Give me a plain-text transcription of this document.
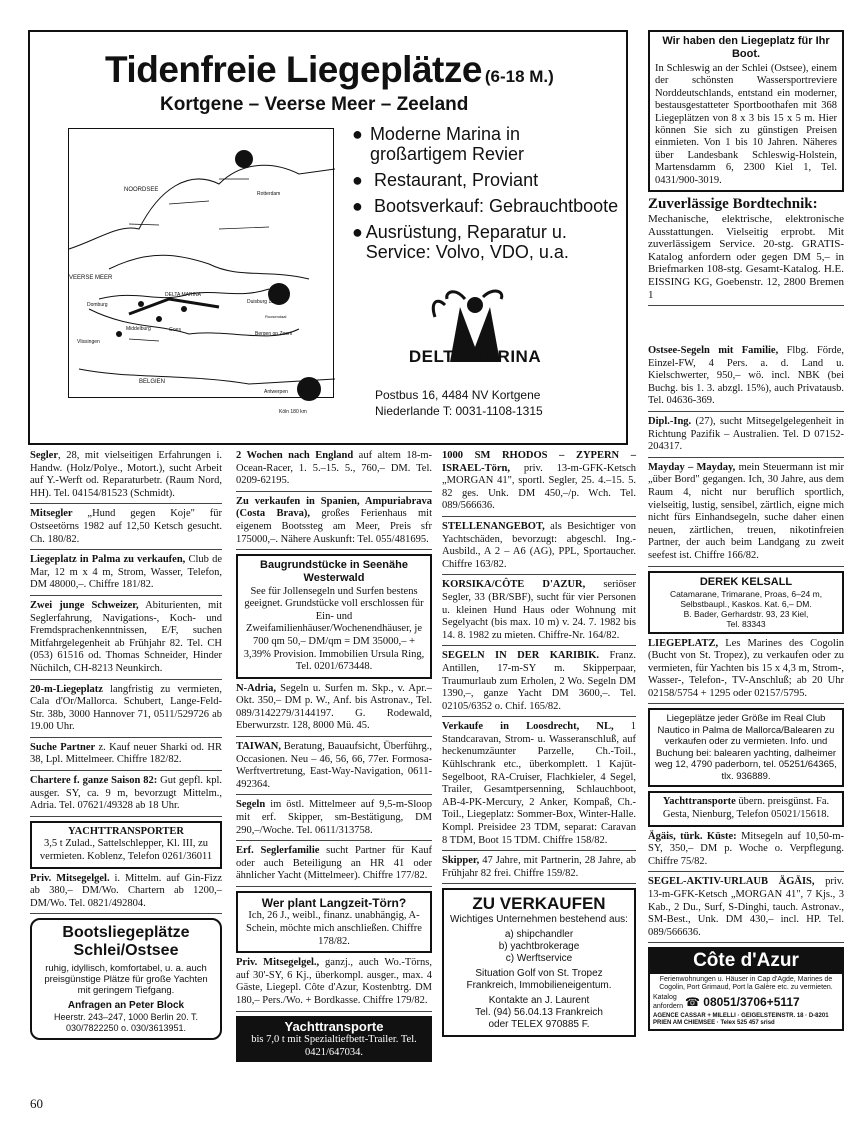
Tidenfreie Liegeplätze (6-18 M.)
Kortgene – Veerse Meer – Zeeland
NOORDSEE
Rotterdam
VEERSE MEER
DELTA MARINA
Domburg
Middelburg	Goes
Vlissingen
Duisburg 130 km
Roosendaal
Bergen op Zoom
Köln 180 km
Antwerpen
BELGIEN
● Moderne Marina in großartigem Revier
● Restaurant, Proviant
● Bootsverkauf: Gebrauchtboote
● Ausrüstung, Reparatur u. Service: Volvo, VDO, u.a.
DELTA MARINA
Postbus 16, 4484 NV Kortgene
Niederlande T: 0031-1108-1315
Wir haben den Liegeplatz für Ihr Boot.
In Schleswig an der Schlei (Ostsee), einem der schönsten Wassersportreviere Norddeutschlands, entstand ein moderner, bestausgestatteter Sportboothafen mit 368 Liegeplätzen von 8 x 3 bis 15 x 5 m. Hier können Sie sich zu günstigen Preisen einmieten. Von 1 bis 10 Jahren. Näheres über Landesbank Schleswig-Holstein, Martensdamm 6, 2300 Kiel 1, Tel. 0431/900-3019.
Zuverlässige Bordtechnik:
Mechanische, elektrische, elektronische Ausstattungen. Vielseitig erprobt. Mit zuverlässigem Service. 20-stg. GRATIS-Katalog anfordern oder gegen DM 5,– in Briefmarken 108-stg. Gesamt-Katalog. H.E. EISSING KG, Goebenstr. 12, 2800 Bremen 1
Segler, 28, mit vielseitigen Erfahrungen i. Handw. (Holz/Polye., Motort.), sucht Arbeit auf Y.-Werft od. Reparaturbetr. (Raum Nord, HH). Tel. 04154/81523 (Schmidt).
Mitsegler „Hund gegen Koje" für Ostseetörns 1982 auf 12,50 Ketsch gesucht. Ch. 180/82.
Liegeplatz in Palma zu verkaufen, Club de Mar, 12 m x 4 m, Strom, Wasser, Telefon, DM 48000,–. Chiffre 181/82.
Zwei junge Schweizer, Abiturienten, mit Seglerfahrung, Navigations-, Koch- und Fremdsprachenkenntnissen, E/F, suchen Mitfahrgelegenheit ab Frühjahr 82. Tel. CH (053) 61516 od. Thomas Schneider, Hinder Nüchilch, CH-8213 Neunkirch.
20-m-Liegeplatz langfristig zu vermieten, Cala d'Or/Mallorca. Schubert, Lange-Feld-Str. 38b, 3000 Hannover 71, 0511/529726 ab 19.00 Uhr.
Suche Partner z. Kauf neuer Sharki od. HR 38, Lpl. Mittelmeer. Chiffre 182/82.
Chartere f. ganze Saison 82: Gut gepfl. kpl. ausger. SY, ca. 9 m, bevorzugt Mittelm., Adria. Tel. 07621/49328 ab 18 Uhr.
YACHTTRANSPORTER
3,5 t Zulad., Sattelschlepper, Kl. III, zu vermieten. Koblenz, Telefon 0261/36011
Priv. Mitsegelgel. i. Mittelm. auf Gin-Fizz ab 380,– DM/Wo. Chartern ab 1200,– DM/Wo. Tel. 0821/492804.
Bootsliegeplätze
Schlei/Ostsee
ruhig, idyllisch, komfortabel, u. a. auch preisgünstige Plätze für große Yachten mit geringem Tiefgang.
Anfragen an Peter Block
Heerstr. 243–247, 1000 Berlin 20. T. 030/7822250 o. 030/3613951.
2 Wochen nach England auf altem 18-m-Ocean-Racer, 1. 5.–15. 5., 760,– DM. Tel. 0209-62195.
Zu verkaufen in Spanien, Ampuriabrava (Costa Brava), großes Ferienhaus mit eigenem Bootssteg am Meer, Preis sfr 175000,–. Nähere Auskunft: Tel. 055/481695.
Baugrundstücke in Seenähe Westerwald
See für Jollensegeln und Surfen bestens geeignet. Grundstücke voll erschlossen für Ein- und Zweifamilienhäuser/Wochenendhäuser, je 700 qm 50,– DM/qm = DM 35000,– + 3,39% Provision. Immobilien Ursula Ring, Tel. 0201/673448.
N-Adria, Segeln u. Surfen m. Skp., v. Apr.–Okt. 350,– DM p. W., Anf. bis Astronav., Tel. 089/3142279/3144197. G. Rodewald, Eberwurzstr. 128, 8000 Mü. 45.
TAIWAN, Beratung, Bauaufsicht, Überführg., Occasionen. Neu – 46, 56, 66, 77er. Formosa-Werftvertretung, East-Way-Navigation, 0611-492364.
Segeln im östl. Mittelmeer auf 9,5-m-Sloop mit erf. Skipper, sm-Bestätigung, DM 290,–/Woche. Tel. 0611/313758.
Erf. Seglerfamilie sucht Partner für Kauf oder auch Beteiligung an HR 41 oder ähnlicher Yacht (Mittelmeer). Chiffre 177/82.
Wer plant Langzeit-Törn?
Ich, 26 J., weibl., finanz. unabhängig, A-Schein, möchte mich anschließen. Chiffre 178/82.
Priv. Mitsegelgel., ganzj., auch Wo.-Törns, auf 30'-SY, 6 Kj., überkompl. ausger., max. 4 Gäste, Liegepl. Côte d'Azur, Kostenbtrg. DM 180,– Pers./Wo. + Bordkasse. Chiffre 179/82.
Yachttransporte
bis 7,0 t mit Spezialtiefbett-Trailer. Tel. 0421/647034.
1000 SM RHODOS – ZYPERN – ISRAEL-Törn, priv. 13-m-GFK-Ketsch „MORGAN 41", sportl. Segler, 25. 4.–15. 5. 82 ges. Unk. DM 450,–/p. Wch. Tel. 089/566636.
STELLENANGEBOT, als Besichtiger von Yachtschäden, bevorzugt: abgeschl. Ing.-Ausbild., A 2 – A6 (AG), PPL, Sportaucher. Chiffre 163/82.
KORSIKA/CÔTE D'AZUR, seriöser Segler, 33 (BR/SBF), sucht für vier Personen u. kleinen Hund Haus oder Wohnung mit Segelyacht (bis max. 10 m) v. 24. 7. 1982 bis 14. 8. 1982 zu mieten. Chiffre-Nr. 164/82.
SEGELN IN DER KARIBIK. Franz. Antillen, 17-m-SY m. Skipperpaar, Traumurlaub zum Erholen, 2 Wo. Segeln DM 1390,–, ganze Yacht DM 3600,–. Tel. 02105/6352 o. Chif. 165/82.
Verkaufe in Loosdrecht, NL, 1 Standcaravan, Strom- u. Wasseranschluß, auf heckenumzäunter Parzelle, Ch.-Toil., Kühlschrank etc., überkomplett. 1 Kajüt-Segelboot, RA-Cruiser, Flachkieler, 4 Segel, Trailer, Gesamtpersenning, Schlauchboot, AB-4-PK-Mercury, 2 Anker, Kompaß, Ch.-Toil., Liegeplatz: Sommer-Box, Winter-Halle. Kompl. Preisidee 23 TDM, separat: Caravan 8 TDM, Boot 15 TDM. Chiffre 158/82.
Skipper, 47 Jahre, mit Partnerin, 28 Jahre, ab Frühjahr 82 frei. Chiffre 159/82.
ZU VERKAUFEN
Wichtiges Unternehmen bestehend aus:
a) shipchandler
b) yachtbrokerage
c) Werftservice
Situation Golf von St. Tropez Frankreich, Immobilieneigentum.
Kontakte an J. Laurent
Tel. (94) 56.04.13 Frankreich
oder TELEX 970885 F.
Ostsee-Segeln mit Familie, Flbg. Förde, Einzel-FW, 4 Pers. a. d. Land u. Kielschwerter, 950,– wö. incl. NBK (bei Buchg. bis 1. 3. abzgl. 15%), auch Privatausb. Tel. 04636-369.
Dipl.-Ing. (27), sucht Mitsegelgelegenheit in Richtung Pazifik – Australien. Tel. D 07152-204317.
Mayday – Mayday, mein Steuermann ist mir „über Bord" gegangen. Ich, 30 Jahre, aus dem Raum 4, nicht nur beruflich sportlich, vielseitig, lustig, sensibel, zärtlich, eigne mich nicht fürs Einhandsegeln, suche daher einen neuen, zärtlichen, treuen, nikotinfreien Partner, der auch beim Landgang zu zweit seefest ist. Chiffre 166/82.
DEREK KELSALL
Catamarane, Trimarane, Proas, 6–24 m,
Selbstbaupl., Kaskos. Kat. 6,– DM.
B. Bader, Gerhardstr. 93, 23 Kiel,
Tel. 83343
LIEGEPLATZ, Les Marines des Cogolin (Bucht von St. Tropez), zu verkaufen oder zu vermieten, für Yachten bis 15 x 4,3 m, Strom-, Wasser-, Telefon-, TV-Anschluß; ab 20 Uhr 02158/5754 + 1295 oder 02157/5795.
Liegeplätze jeder Größe im Real Club Nautico in Palma de Mallorca/Balearen zu verkaufen oder zu vermieten. Info. und Buchung bei: balearen yachting, dalheimer weg 12, 4790 paderborn, tel. 05251/64365, tlx. 936889.
Yachttransporte übern. preisgünst. Fa. Gesta, Nienburg, Telefon 05021/15618.
Ägäis, türk. Küste: Mitsegeln auf 10,50-m-SY, 350,– DM p. Woche o. Verpflegung. Chiffre 75/82.
SEGEL-AKTIV-URLAUB ÄGÄIS, priv. 13-m-GFK-Ketsch „MORGAN 41", 7 Kjs., 3 Kab., 2 Du., Surf, S-Dinghi, tauch. Astronav., SM-Best., Unk. DM 430,– incl. HP. Tel. 089/566636.
Côte d'Azur
Ferienwohnungen u. Häuser in Cap d'Agde, Marines de Cogolin, Port Grimaud, Port la Galère etc. zu vermieten.
Katalog anfordern ☎ 08051/3706+5117
AGENCE CASSAR + MILELLI · GEIGELSTEINSTR. 18 · D-8201 PRIEN AM CHIEMSEE · Telex 525 457 srisd
60
